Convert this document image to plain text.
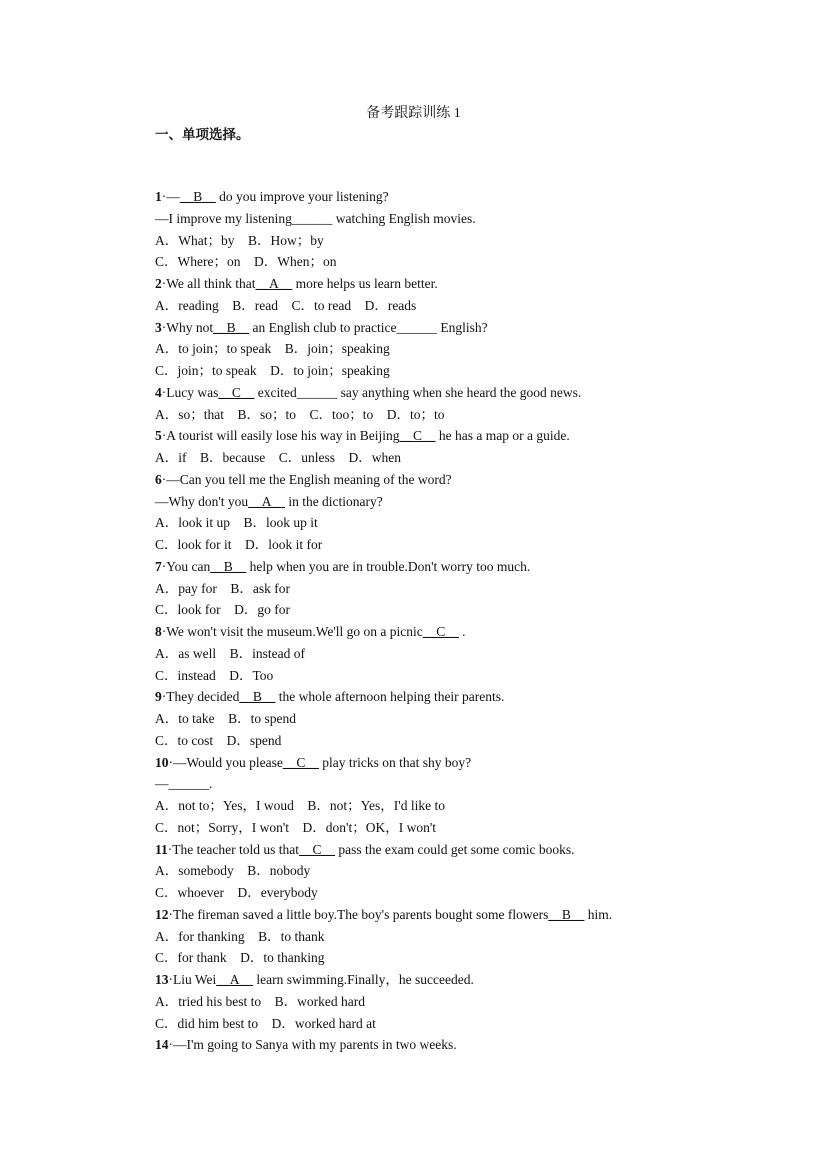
备考跟踪训练 1
一、单项选择。
1·—__B__ do you improve your listening?
—I improve my listening______ watching English movies.
A．What；by　B．How；by
C．Where；on　D．When；on
2·We all think that__A__ more helps us learn better.
A．reading　B．read　C．to read　D．reads
3·Why not__B__ an English club to practice______ English?
A．to join；to speak　B．join；speaking
C．join；to speak　D．to join；speaking
4·Lucy was__C__ excited______ say anything when she heard the good news.
A．so；that　B．so；to　C．too；to　D．to；to
5·A tourist will easily lose his way in Beijing__C__ he has a map or a guide.
A．if　B．because　C．unless　D．when
6·—Can you tell me the English meaning of the word?
—Why don't you__A__ in the dictionary?
A．look it up　B．look up it
C．look for it　D．look it for
7·You can__B__ help when you are in trouble.Don't worry too much.
A．pay for　B．ask for
C．look for　D．go for
8·We won't visit the museum.We'll go on a picnic__C__ .
A．as well　B．instead of
C．instead　D．Too
9·They decided__B__ the whole afternoon helping their parents.
A．to take　B．to spend
C．to cost　D．spend
10·—Would you please__C__ play tricks on that shy boy?
—______.
A．not to；Yes，I woud　B．not；Yes，I'd like to
C．not；Sorry，I won't　D．don't；OK，I won't
11·The teacher told us that__C__ pass the exam could get some comic books.
A．somebody　B．nobody
C．whoever　D．everybody
12·The fireman saved a little boy.The boy's parents bought some flowers__B__ him.
A．for thanking　B．to thank
C．for thank　D．to thanking
13·Liu Wei__A__ learn swimming.Finally，he succeeded.
A．tried his best to　B．worked hard
C．did him best to　D．worked hard at
14·—I'm going to Sanya with my parents in two weeks.
